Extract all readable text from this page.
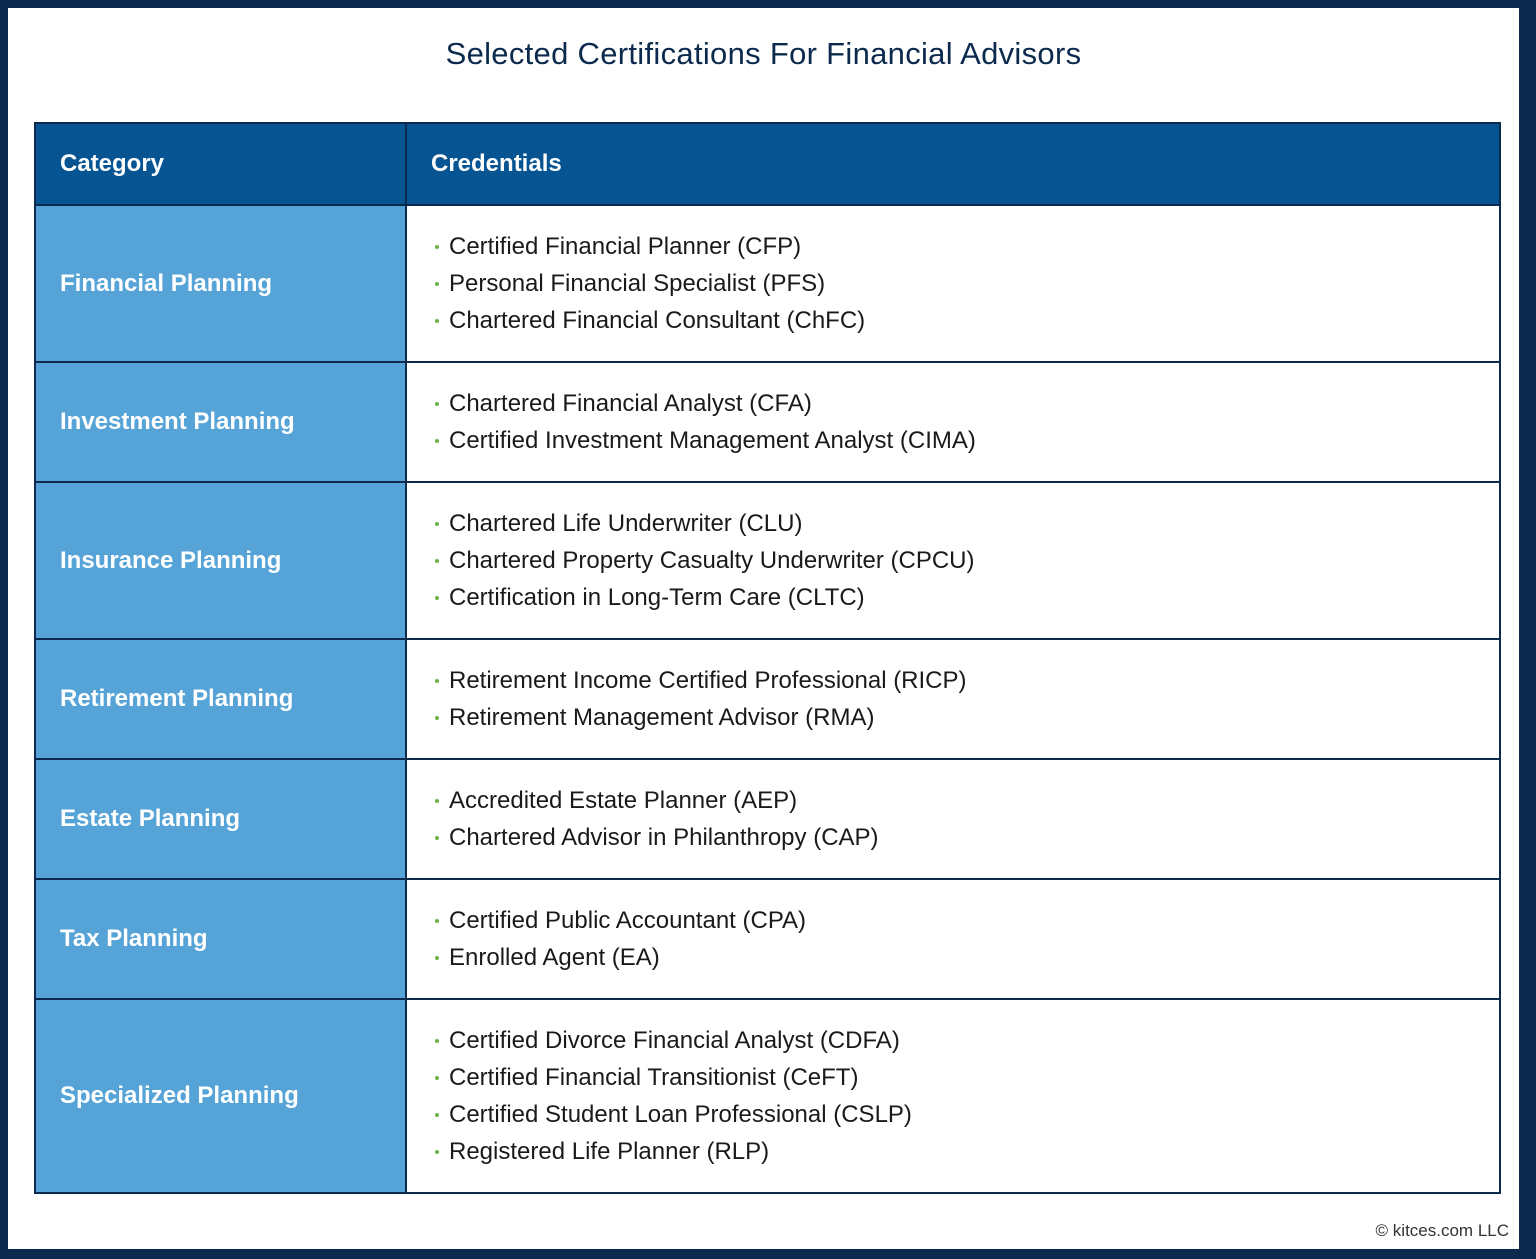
Selected Certifications For Financial Advisors
Category	Credentials
Financial Planning	
Certified Financial Planner (CFP)
Personal Financial Specialist (PFS)
Chartered Financial Consultant (ChFC)

Investment Planning	
Chartered Financial Analyst (CFA)
Certified Investment Management Analyst (CIMA)

Insurance Planning	
Chartered Life Underwriter (CLU)
Chartered Property Casualty Underwriter (CPCU)
Certification in Long-Term Care (CLTC)

Retirement Planning	
Retirement Income Certified Professional (RICP)
Retirement Management Advisor (RMA)

Estate Planning	
Accredited Estate Planner (AEP)
Chartered Advisor in Philanthropy (CAP)

Tax Planning	
Certified Public Accountant (CPA)
Enrolled Agent (EA)

Specialized Planning	
Certified Divorce Financial Analyst (CDFA)
Certified Financial Transitionist (CeFT)
Certified Student Loan Professional (CSLP)
Registered Life Planner (RLP)
© kitces.com LLC
